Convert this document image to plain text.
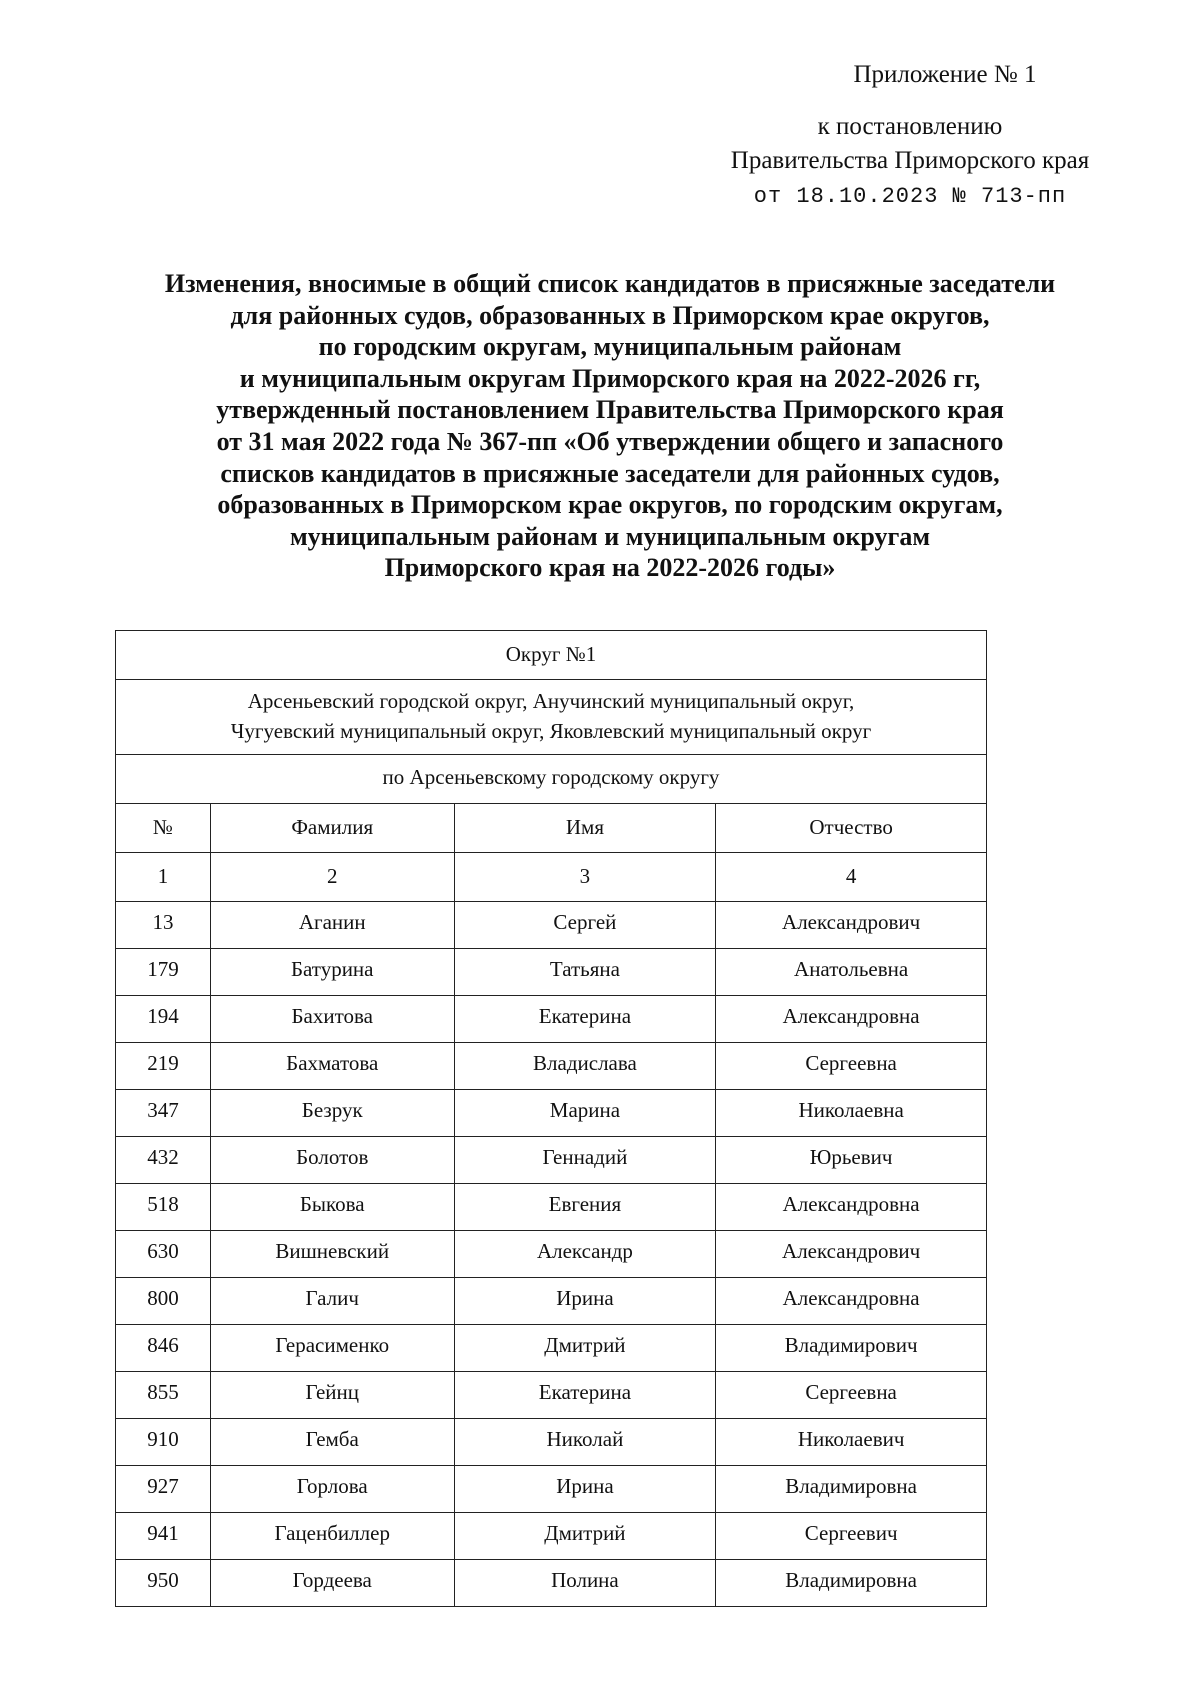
Приложение № 1
к постановлению
Правительства Приморского края
от 18.10.2023 № 713-пп
Изменения, вносимые в общий список кандидатов в присяжные заседатели
для районных судов, образованных в Приморском крае округов,
по городским округам, муниципальным районам
и муниципальным округам Приморского края на 2022-2026 гг,
утвержденный постановлением Правительства Приморского края
от 31 мая 2022 года № 367-пп «Об утверждении общего и запасного
списков кандидатов в присяжные заседатели для районных судов,
образованных в Приморском крае округов, по городским округам,
муниципальным районам и муниципальным округам
Приморского края на 2022-2026 годы»
Округ №1			

Арсеньевский городской округ, Анучинский муниципальный округ,
Чугуевский муниципальный округ, Яковлевский муниципальный округ			

по Арсеньевскому городскому округу			
№	Фамилия	Имя	Отчество
1	2	3	4
13	Аганин	Сергей	Александрович
179	Батурина	Татьяна	Анатольевна
194	Бахитова	Екатерина	Александровна
219	Бахматова	Владислава	Сергеевна
347	Безрук	Марина	Николаевна
432	Болотов	Геннадий	Юрьевич
518	Быкова	Евгения	Александровна
630	Вишневский	Александр	Александрович
800	Галич	Ирина	Александровна
846	Герасименко	Дмитрий	Владимирович
855	Гейнц	Екатерина	Сергеевна
910	Гемба	Николай	Николаевич
927	Горлова	Ирина	Владимировна
941	Гаценбиллер	Дмитрий	Сергеевич
950	Гордеева	Полина	Владимировна
